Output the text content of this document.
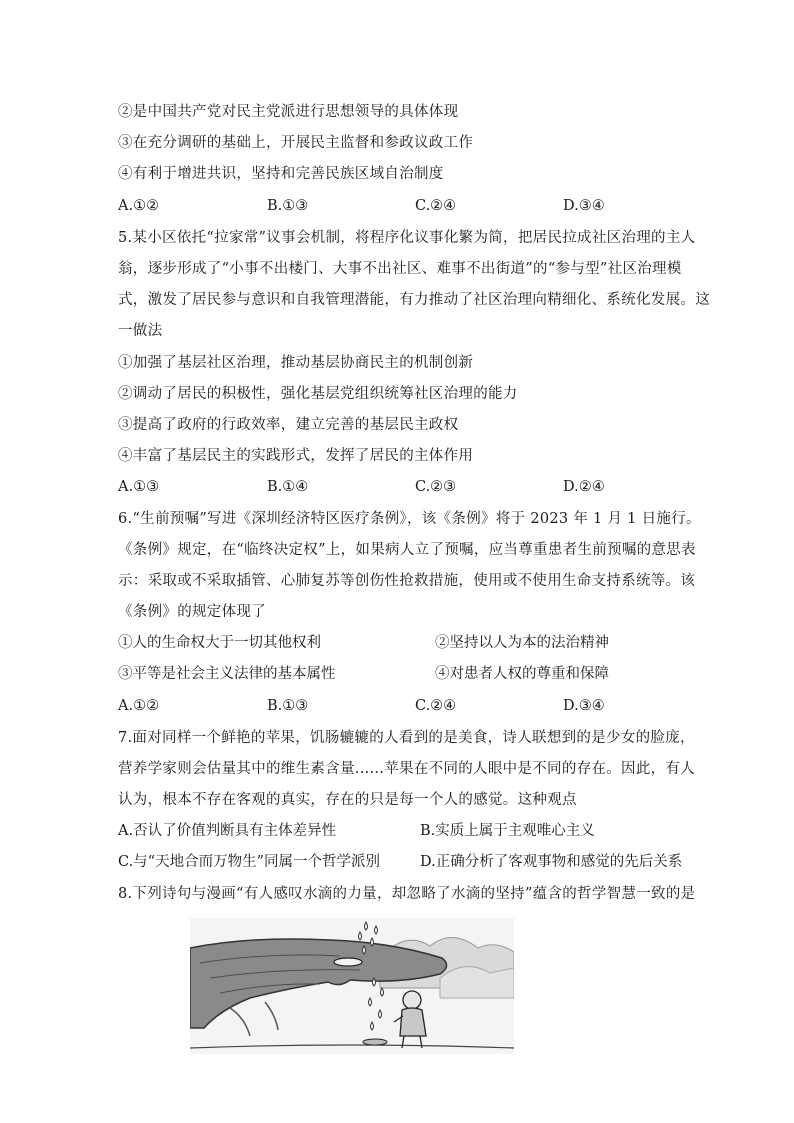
②是中国共产党对民主党派进行思想领导的具体体现
③在充分调研的基础上，开展民主监督和参政议政工作
④有利于增进共识，坚持和完善民族区域自治制度
A.①②	B.①③	C.②④	D.③④
5.某小区依托“拉家常”议事会机制，将程序化议事化繁为简，把居民拉成社区治理的主人
翁，逐步形成了“小事不出楼门、大事不出社区、难事不出街道”的“参与型”社区治理模
式，激发了居民参与意识和自我管理潜能，有力推动了社区治理向精细化、系统化发展。这
一做法
①加强了基层社区治理，推动基层协商民主的机制创新
②调动了居民的积极性，强化基层党组织统筹社区治理的能力
③提高了政府的行政效率，建立完善的基层民主政权
④丰富了基层民主的实践形式，发挥了居民的主体作用
A.①③	B.①④	C.②③	D.②④
6.“生前预嘱”写进《深圳经济特区医疗条例》，该《条例》将于 2023 年 1 月 1 日施行。
《条例》规定，在“临终决定权”上，如果病人立了预嘱，应当尊重患者生前预嘱的意思表
示：采取或不采取插管、心肺复苏等创伤性抢救措施，使用或不使用生命支持系统等。该
《条例》的规定体现了
①人的生命权大于一切其他权利	②坚持以人为本的法治精神
③平等是社会主义法律的基本属性	④对患者人权的尊重和保障
A.①②	B.①③	C.②④	D.③④
7.面对同样一个鲜艳的苹果，饥肠辘辘的人看到的是美食，诗人联想到的是少女的脸庞，
营养学家则会估量其中的维生素含量......苹果在不同的人眼中是不同的存在。因此，有人
认为，根本不存在客观的真实，存在的只是每一个人的感觉。这种观点
A.否认了价值判断具有主体差异性	B.实质上属于主观唯心主义
C.与“天地合而万物生”同属一个哲学派别	D.正确分析了客观事物和感觉的先后关系
8.下列诗句与漫画“有人感叹水滴的力量，却忽略了水滴的坚持”蕴含的哲学智慧一致的是
